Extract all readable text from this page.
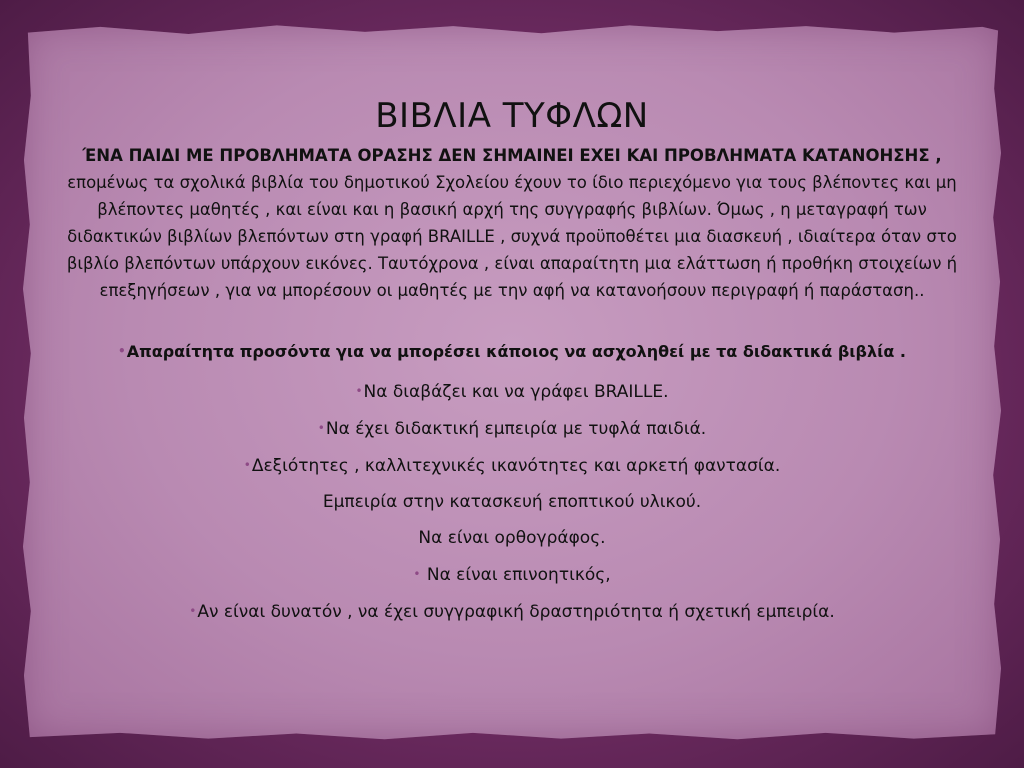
ΒΙΒΛΙΑ ΤΥΦΛΩΝ

ΈΝΑ ΠΑΙΔΙ ΜΕ ΠΡΟΒΛΗΜΑΤΑ ΟΡΑΣΗΣ ΔΕΝ ΣΗΜΑΙΝΕΙ ΕΧΕΙ ΚΑΙ ΠΡΟΒΛΗΜΑΤΑ ΚΑΤΑΝΟΗΣΗΣ , επομένως τα σχολικά βιβλία του δημοτικού Σχολείου έχουν το ίδιο περιεχόμενο για τους βλέποντες και μη βλέποντες μαθητές , και είναι και η βασική αρχή της συγγραφής βιβλίων. Όμως , η μεταγραφή των διδακτικών βιβλίων βλεπόντων στη γραφή BRAILLE , συχνά προϋποθέτει μια διασκευή , ιδιαίτερα όταν στο βιβλίο βλεπόντων υπάρχουν εικόνες. Ταυτόχρονα , είναι απαραίτητη μια ελάττωση ή προθήκη στοιχείων ή επεξηγήσεων , για να μπορέσουν οι μαθητές με την αφή να κατανοήσουν περιγραφή ή παράσταση..

•Απαραίτητα προσόντα για να μπορέσει κάποιος να ασχοληθεί με τα διδακτικά βιβλία .

•Να διαβάζει και να γράφει BRAILLE.

•Να έχει διδακτική εμπειρία με τυφλά παιδιά.

•Δεξιότητες , καλλιτεχνικές ικανότητες και αρκετή φαντασία.

Εμπειρία στην κατασκευή εποπτικού υλικού.

Να είναι ορθογράφος.

• Να είναι επινοητικός,

•Αν είναι δυνατόν , να έχει συγγραφική δραστηριότητα ή σχετική εμπειρία.
